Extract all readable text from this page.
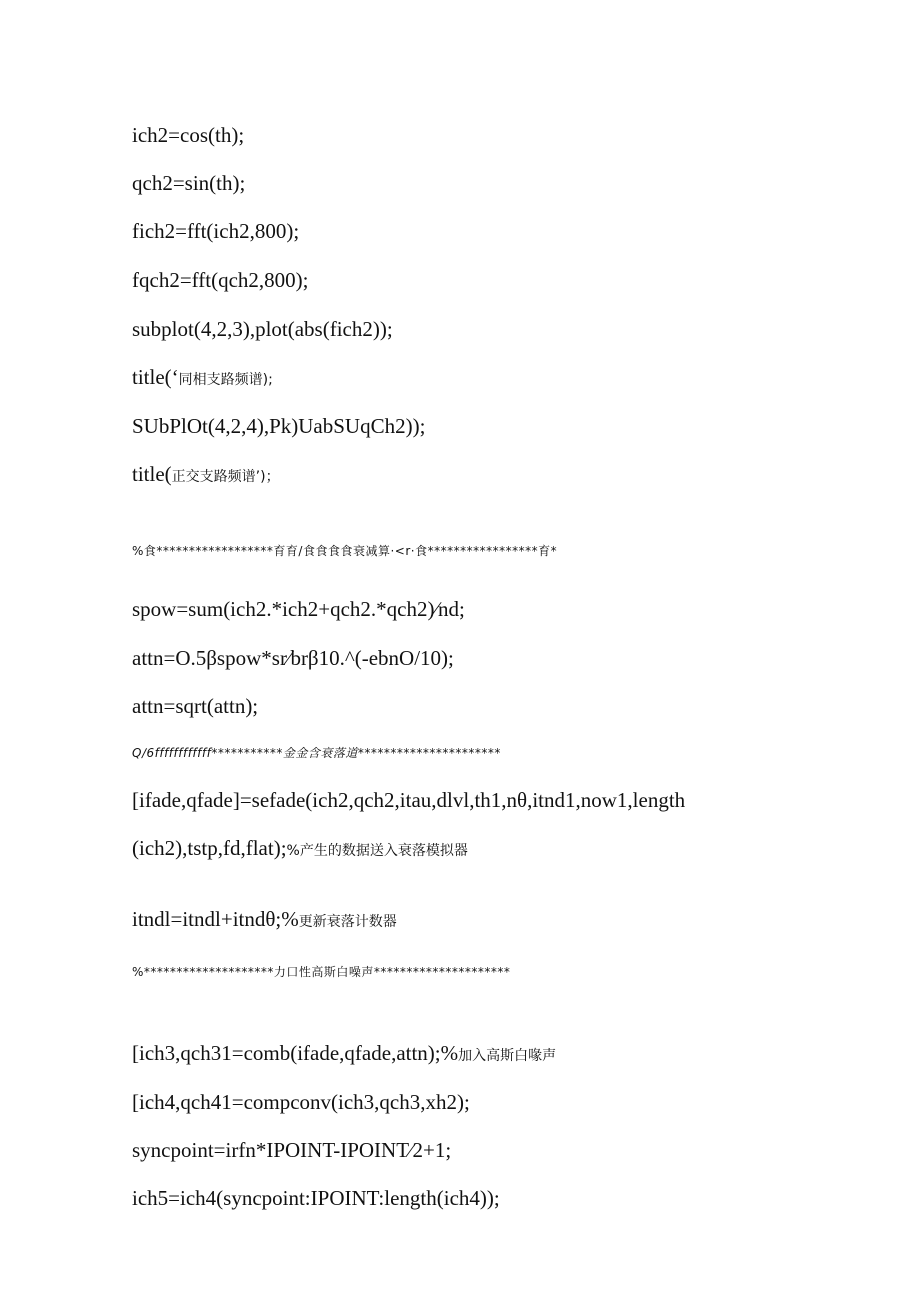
ich2=cos(th);
qch2=sin(th);
fich2=fft(ich2,800);
fqch2=fft(qch2,800);
subplot(4,2,3),plot(abs(fich2));
title(‘同相支路频谱);
SUbPlOt(4,2,4),Pk)UabSUqCh2));
title(正交支路频谱’)；
%食******************育育/食食食食衰减算·<r·食*****************育*
spow=sum(ich2.*ich2+qch2.*qch2)∕nd;
attn=O.5βspow*sr∕brβ10.^(-ebnO/10);
attn=sqrt(attn);
Q∕6ffffffffffff***********金金含衰落道**********************
[ifade,qfade]=sefade(ich2,qch2,itau,dlvl,th1,nθ,itnd1,now1,length
(ich2),tstp,fd,flat);%产生的数据送入衰落模拟器
itndl=itndl+itndθ;%更新衰落计数器
%********************力口性高斯白噪声*********************
[ich3,qch31=comb(ifade,qfade,attn);%加入高斯白喙声
[ich4,qch41=compconv(ich3,qch3,xh2);
syncpoint=irfn*IPOINT-IPOINT∕2+1;
ich5=ich4(syncpoint:IPOINT:length(ich4));
